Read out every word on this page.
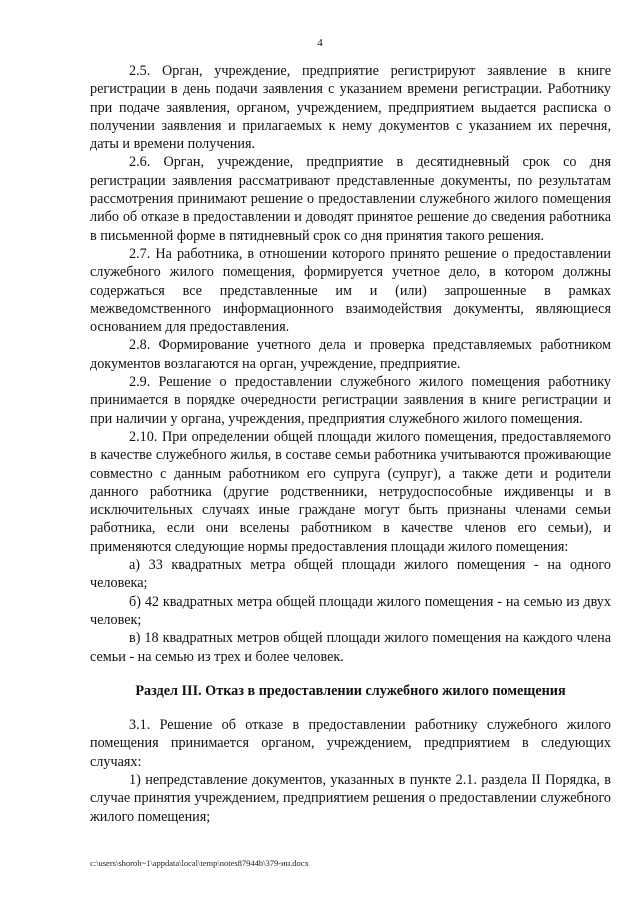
4

2.5. Орган, учреждение, предприятие регистрируют заявление в книге регистрации в день подачи заявления с указанием времени регистрации. Работнику при подаче заявления, органом, учреждением, предприятием выдается расписка о получении заявления и прилагаемых к нему документов с указанием их перечня, даты и времени получения.

2.6. Орган, учреждение, предприятие в десятидневный срок со дня регистрации заявления рассматривают представленные документы, по результатам рассмотрения принимают решение о предоставлении служебного жилого помещения либо об отказе в предоставлении и доводят принятое решение до сведения работника в письменной форме в пятидневный срок со дня принятия такого решения.

2.7. На работника, в отношении которого принято решение о предоставлении служебного жилого помещения, формируется учетное дело, в котором должны содержаться все представленные им и (или) запрошенные в рамках межведомственного информационного взаимодействия документы, являющиеся основанием для предоставления.

2.8. Формирование учетного дела и проверка представляемых работником документов возлагаются на орган, учреждение, предприятие.

2.9. Решение о предоставлении служебного жилого помещения работнику принимается в порядке очередности регистрации заявления в книге регистрации и при наличии у органа, учреждения, предприятия служебного жилого помещения.

2.10. При определении общей площади жилого помещения, предоставляемого в качестве служебного жилья, в составе семьи работника учитываются проживающие совместно с данным работником его супруга (супруг), а также дети и родители данного работника (другие родственники, нетрудоспособные иждивенцы и в исключительных случаях иные граждане могут быть признаны членами семьи работника, если они вселены работником в качестве членов его семьи), и применяются следующие нормы предоставления площади жилого помещения:

а) 33 квадратных метра общей площади жилого помещения - на одного человека;

б) 42 квадратных метра общей площади жилого помещения - на семью из двух человек;

в) 18 квадратных метров общей площади жилого помещения на каждого члена семьи - на семью из трех и более человек.

Раздел III. Отказ в предоставлении служебного жилого помещения

3.1. Решение об отказе в предоставлении работнику служебного жилого помещения принимается органом, учреждением, предприятием в следующих случаях:

1) непредставление документов, указанных в пункте 2.1. раздела II Порядка, в случае принятия учреждением, предприятием решения о предоставлении служебного жилого помещения;

c:\users\shoroh~1\appdata\local\temp\notes87944b\379-ин.docx
